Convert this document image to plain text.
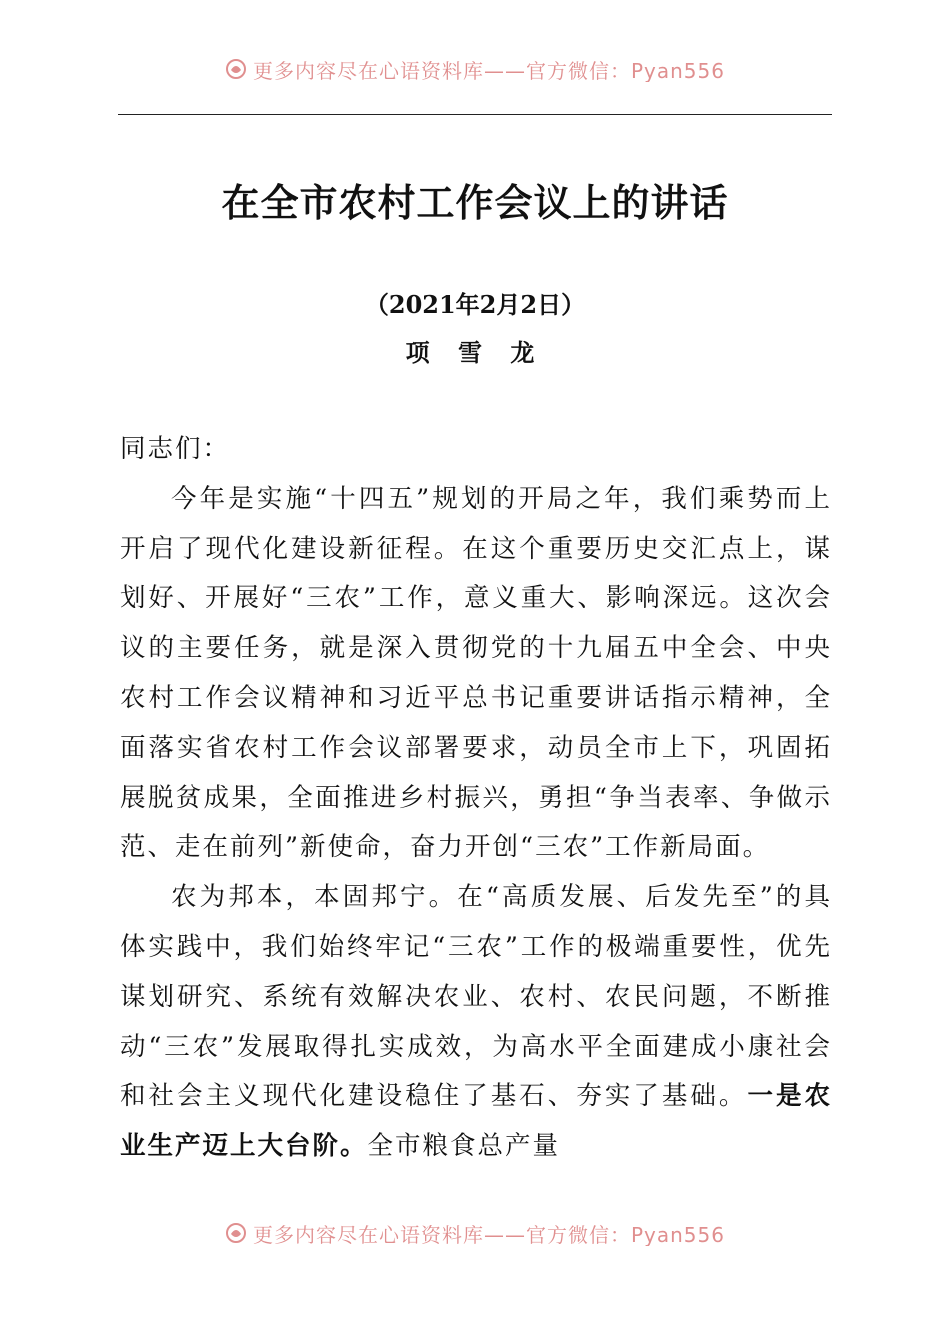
更多内容尽在心语资料库——官方微信：Pyan556
在全市农村工作会议上的讲话
（2021年2月2日）
项 雪 龙

同志们：

今年是实施“十四五”规划的开局之年，我们乘势而上开启了现代化建设新征程。在这个重要历史交汇点上，谋划好、开展好“三农”工作，意义重大、影响深远。这次会议的主要任务，就是深入贯彻党的十九届五中全会、中央农村工作会议精神和习近平总书记重要讲话指示精神，全面落实省农村工作会议部署要求，动员全市上下，巩固拓展脱贫成果，全面推进乡村振兴，勇担“争当表率、争做示范、走在前列”新使命，奋力开创“三农”工作新局面。

农为邦本，本固邦宁。在“高质发展、后发先至”的具体实践中，我们始终牢记“三农”工作的极端重要性，优先谋划研究、系统有效解决农业、农村、农民问题，不断推动“三农”发展取得扎实成效，为高水平全面建成小康社会和社会主义现代化建设稳住了基石、夯实了基础。一是农业生产迈上大台阶。全市粮食总产量

更多内容尽在心语资料库——官方微信：Pyan556
